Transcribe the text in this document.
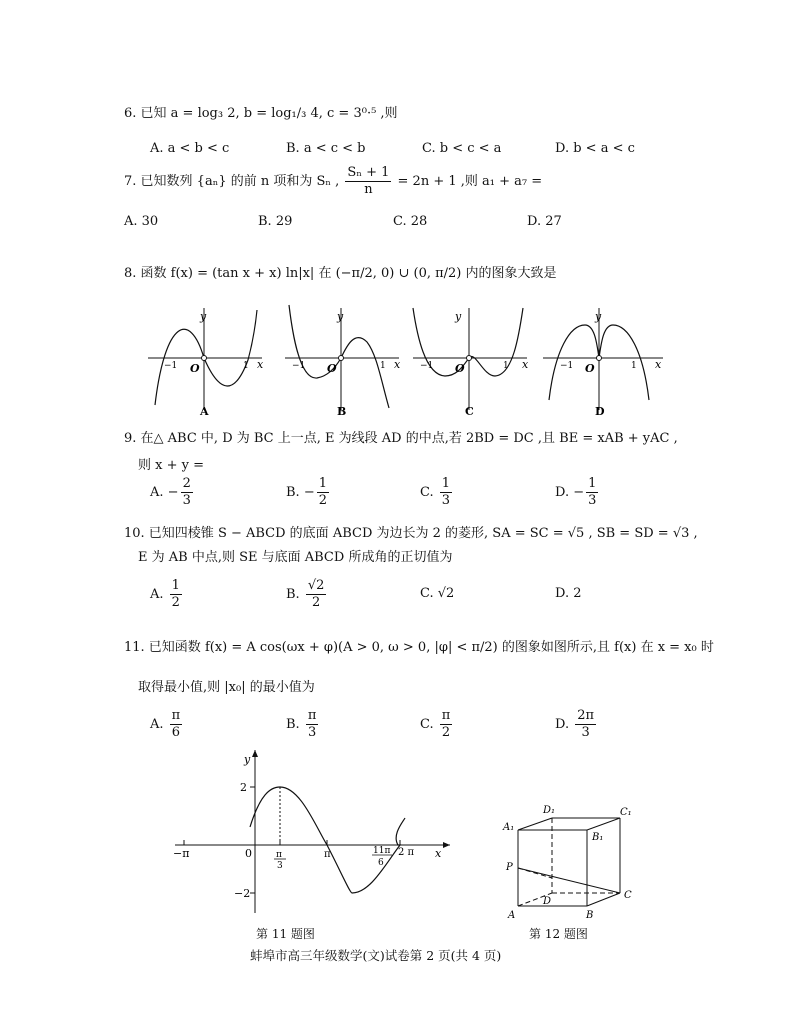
6. 已知 a = log₃ 2, b = log₁/₃ 4, c = 3⁰·⁵ ,则
A. a < b < c	B. a < c < b	C. b < c < a	D. b < a < c
7. 已知数列 {aₙ} 的前 n 项和为 Sₙ , $\frac{\text{Sₙ + 1}}{n} = 2n + 1$ ,则 a₁ + a₇ =
A. 30	B. 29	C. 28	D. 27
8. 函数 f(x) = (tan x + x) ln|x| 在 (−π/2, 0) ∪ (0, π/2) 内的图象大致是
y
x
O
−1	1
A
y
x
O
−1	1
B
y
x
O
−1	1
C
y
x
O
−1	1
D
9. 在△ ABC 中, D 为 BC 上一点, E 为线段 AD 的中点,若 2BD = DC ,且 BE = xAB + yAC ,
则 x + y =
A. − $\frac{2}{3}$	B. − $\frac{1}{2}$	C. $\frac{1}{3}$	D. − $\frac{1}{3}$
10. 已知四棱锥 S − ABCD 的底面 ABCD 为边长为 2 的菱形, SA = SC = √5 , SB = SD = √3 ,
E 为 AB 中点,则 SE 与底面 ABCD 所成角的正切值为
A. $\frac{1}{2}$	B. $\frac{√2}{2}$	C. √2	D. 2
11. 已知函数 f(x) = A cos(ωx + φ)(A > 0, ω > 0, |φ| < π/2) 的图象如图所示,且 f(x) 在 x = x₀ 时
取得最小值,则 |x₀| 的最小值为
A. $\frac{\pi}{6}$	B. $\frac{\pi}{3}$	C. $\frac{\pi}{2}$	D. $\frac{2\pi}{3}$
y
x
2
−2
−π	0	π
3
π	11π
6
2 π
第 11 题图
A₁
D₁	C₁
B₁
P
C
D
A	B
第 12 题图
蚌埠市高三年级数学(文)试卷第 2 页(共 4 页)
